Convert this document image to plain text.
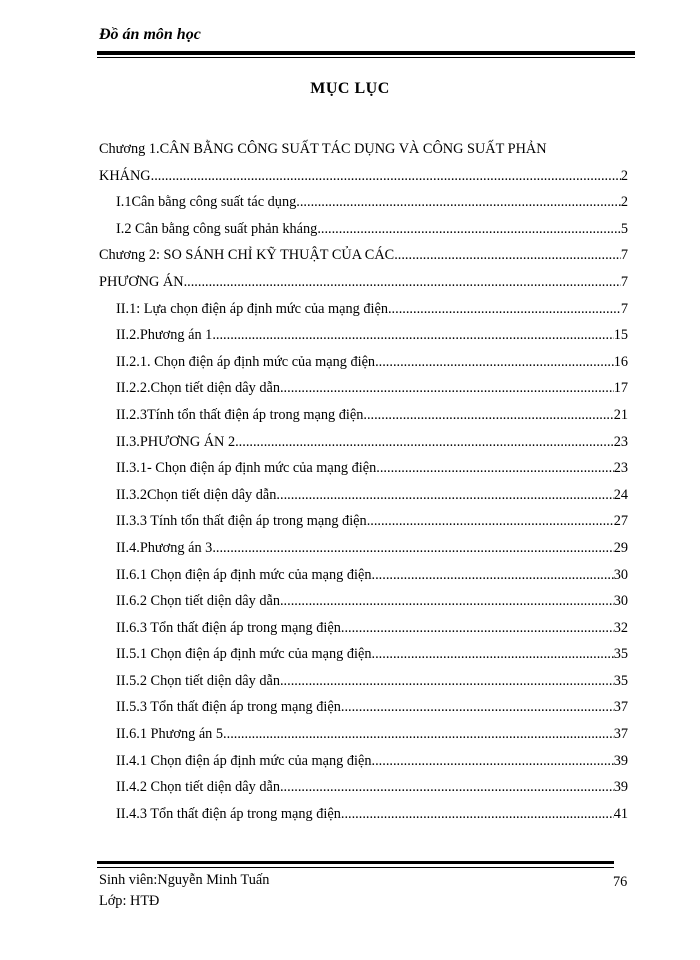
Đồ án môn học
MỤC LỤC
Chương 1.CÂN BẰNG CÔNG SUẤT TÁC DỤNG VÀ CÔNG SUẤT PHẢN
KHÁNG .....	2
I.1Cân bằng công suất tác dụng .....	2
I.2 Cân bằng công suất phản kháng .....	5
Chương 2: SO SÁNH CHỈ KỸ THUẬT CỦA CÁC .....	7
PHƯƠNG ÁN .....	7
II.1: Lựa chọn điện áp định mức của mạng điện .....	7
II.2.Phương án 1 .....	15
II.2.1. Chọn điện áp định mức của mạng điện .....	16
II.2.2.Chọn tiết diện dây dẫn .....	17
II.2.3Tính tổn thất điện áp trong mạng điện .....	21
II.3.PHƯƠNG ÁN 2 .....	23
II.3.1- Chọn điện áp định mức của mạng điện .....	23
II.3.2Chọn tiết diện dây dẫn .....	24
II.3.3 Tính tổn thất điện áp trong mạng điện .....	27
II.4.Phương án 3 .....	29
II.6.1 Chọn điện áp định mức của mạng điện .....	30
II.6.2 Chọn tiết diện dây dẫn .....	30
II.6.3 Tổn thất điện áp trong mạng điện .....	32
II.5.1 Chọn điện áp định mức của mạng điện .....	35
II.5.2 Chọn tiết diện dây dẫn .....	35
II.5.3 Tổn thất điện áp trong mạng điện .....	37
II.6.1 Phương án 5 .....	37
II.4.1 Chọn điện áp định mức của mạng điện .....	39
II.4.2 Chọn tiết diện dây dẫn .....	39
II.4.3 Tổn thất điện áp trong mạng điện .....	41
Sinh viên:Nguyễn Minh Tuấn
Lớp: HTĐ
76
